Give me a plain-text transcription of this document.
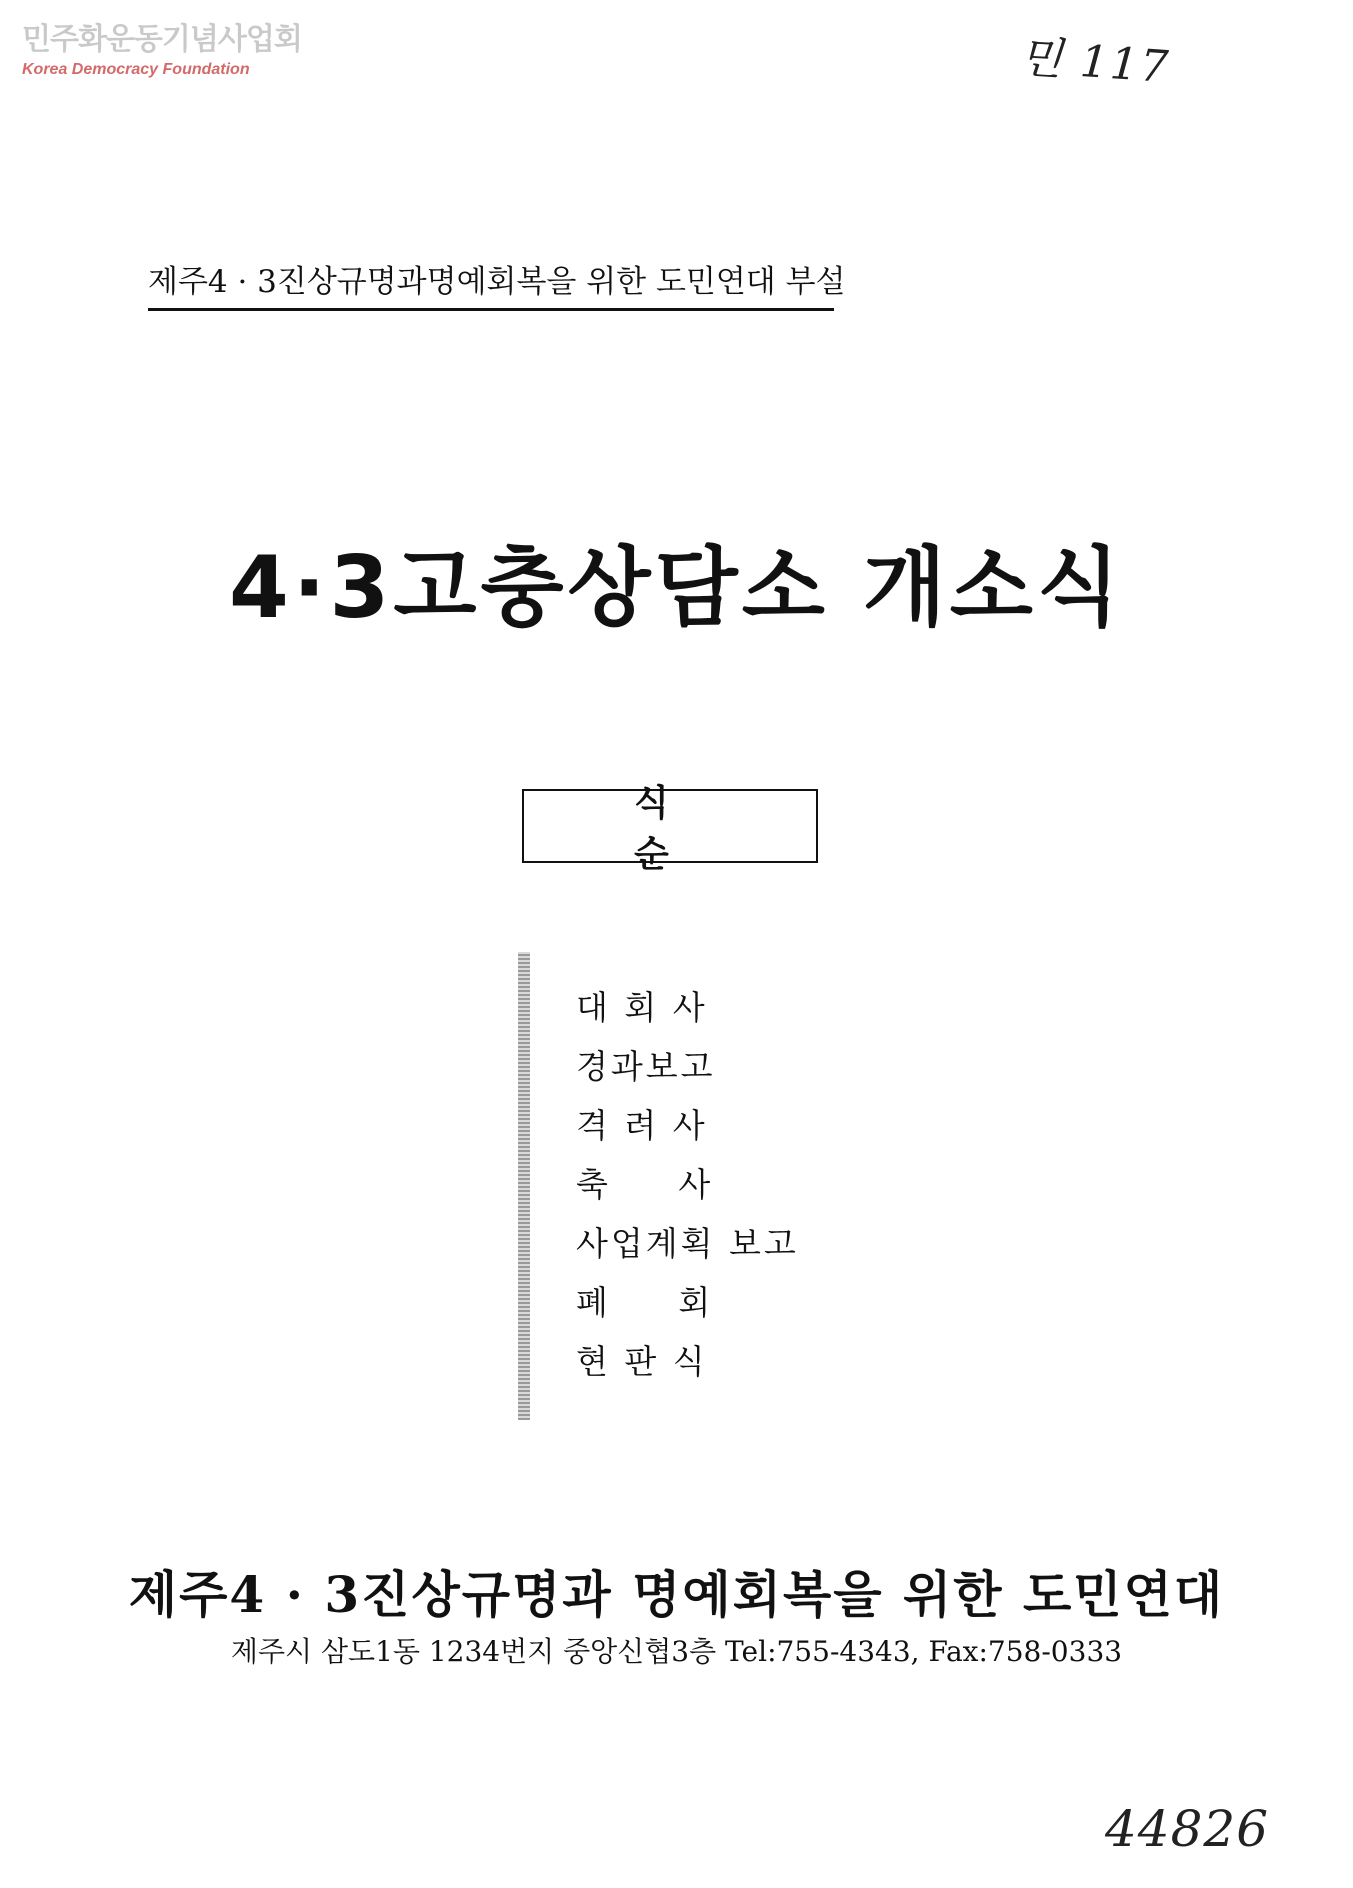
민주화운동기념사업회
Korea Democracy Foundation	민 117
제주4 · 3진상규명과명예회복을 위한 도민연대 부설
4·3고충상담소 개소식
식순
대 회 사
경과보고
격 려 사
축     사
사업계획 보고
폐     회
현 판 식
제주4 · 3진상규명과 명예회복을 위한 도민연대
제주시 삼도1동 1234번지 중앙신협3층 Tel:755-4343, Fax:758-0333
44826
